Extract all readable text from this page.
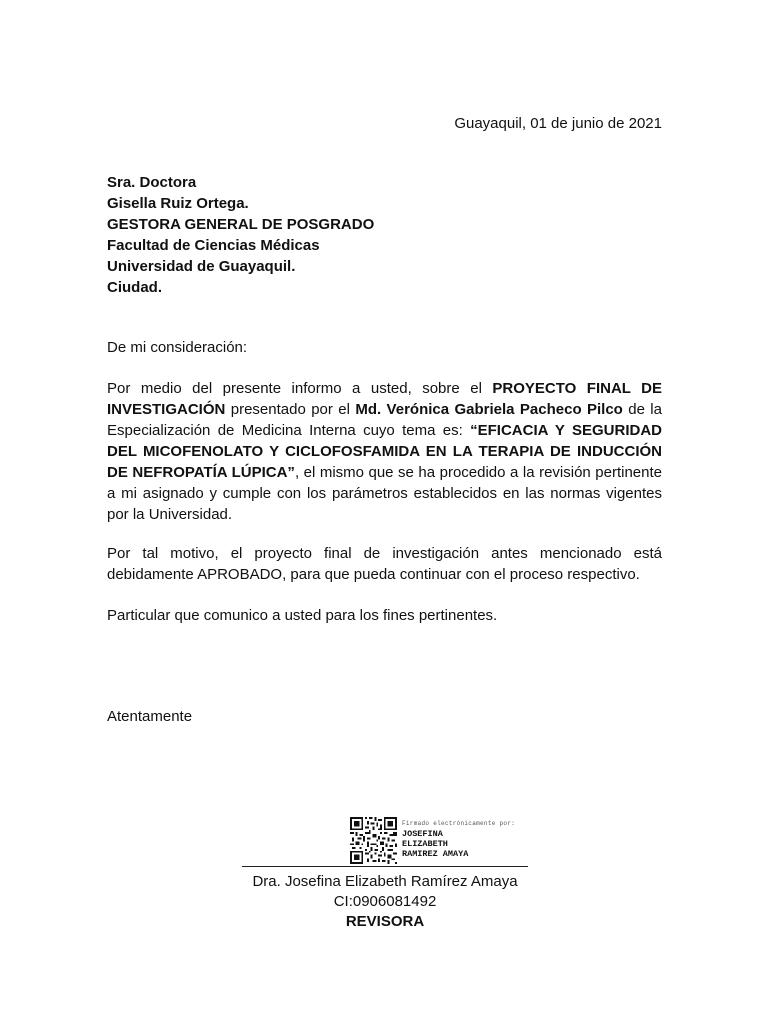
Guayaquil, 01 de junio de 2021
Sra. Doctora
Gisella Ruiz Ortega.
GESTORA GENERAL DE POSGRADO
Facultad de Ciencias Médicas
Universidad de Guayaquil.
Ciudad.
De mi consideración:
Por medio del presente informo a usted, sobre el PROYECTO FINAL DE INVESTIGACIÓN presentado por el Md. Verónica Gabriela Pacheco Pilco de la Especialización de Medicina Interna cuyo tema es: “EFICACIA Y SEGURIDAD DEL MICOFENOLATO Y CICLOFOSFAMIDA EN LA TERAPIA DE INDUCCIÓN DE NEFROPATÍA LÚPICA”, el mismo que se ha procedido a la revisión pertinente a mi asignado y cumple con los parámetros establecidos en las normas vigentes por la Universidad.
Por tal motivo, el proyecto final de investigación antes mencionado está debidamente APROBADO, para que pueda continuar con el proceso respectivo.
Particular que comunico a usted para los fines pertinentes.
Atentamente
Firmado electrónicamente por:
JOSEFINA
ELIZABETH
RAMIREZ AMAYA
Dra. Josefina Elizabeth Ramírez Amaya
CI:0906081492
REVISORA
